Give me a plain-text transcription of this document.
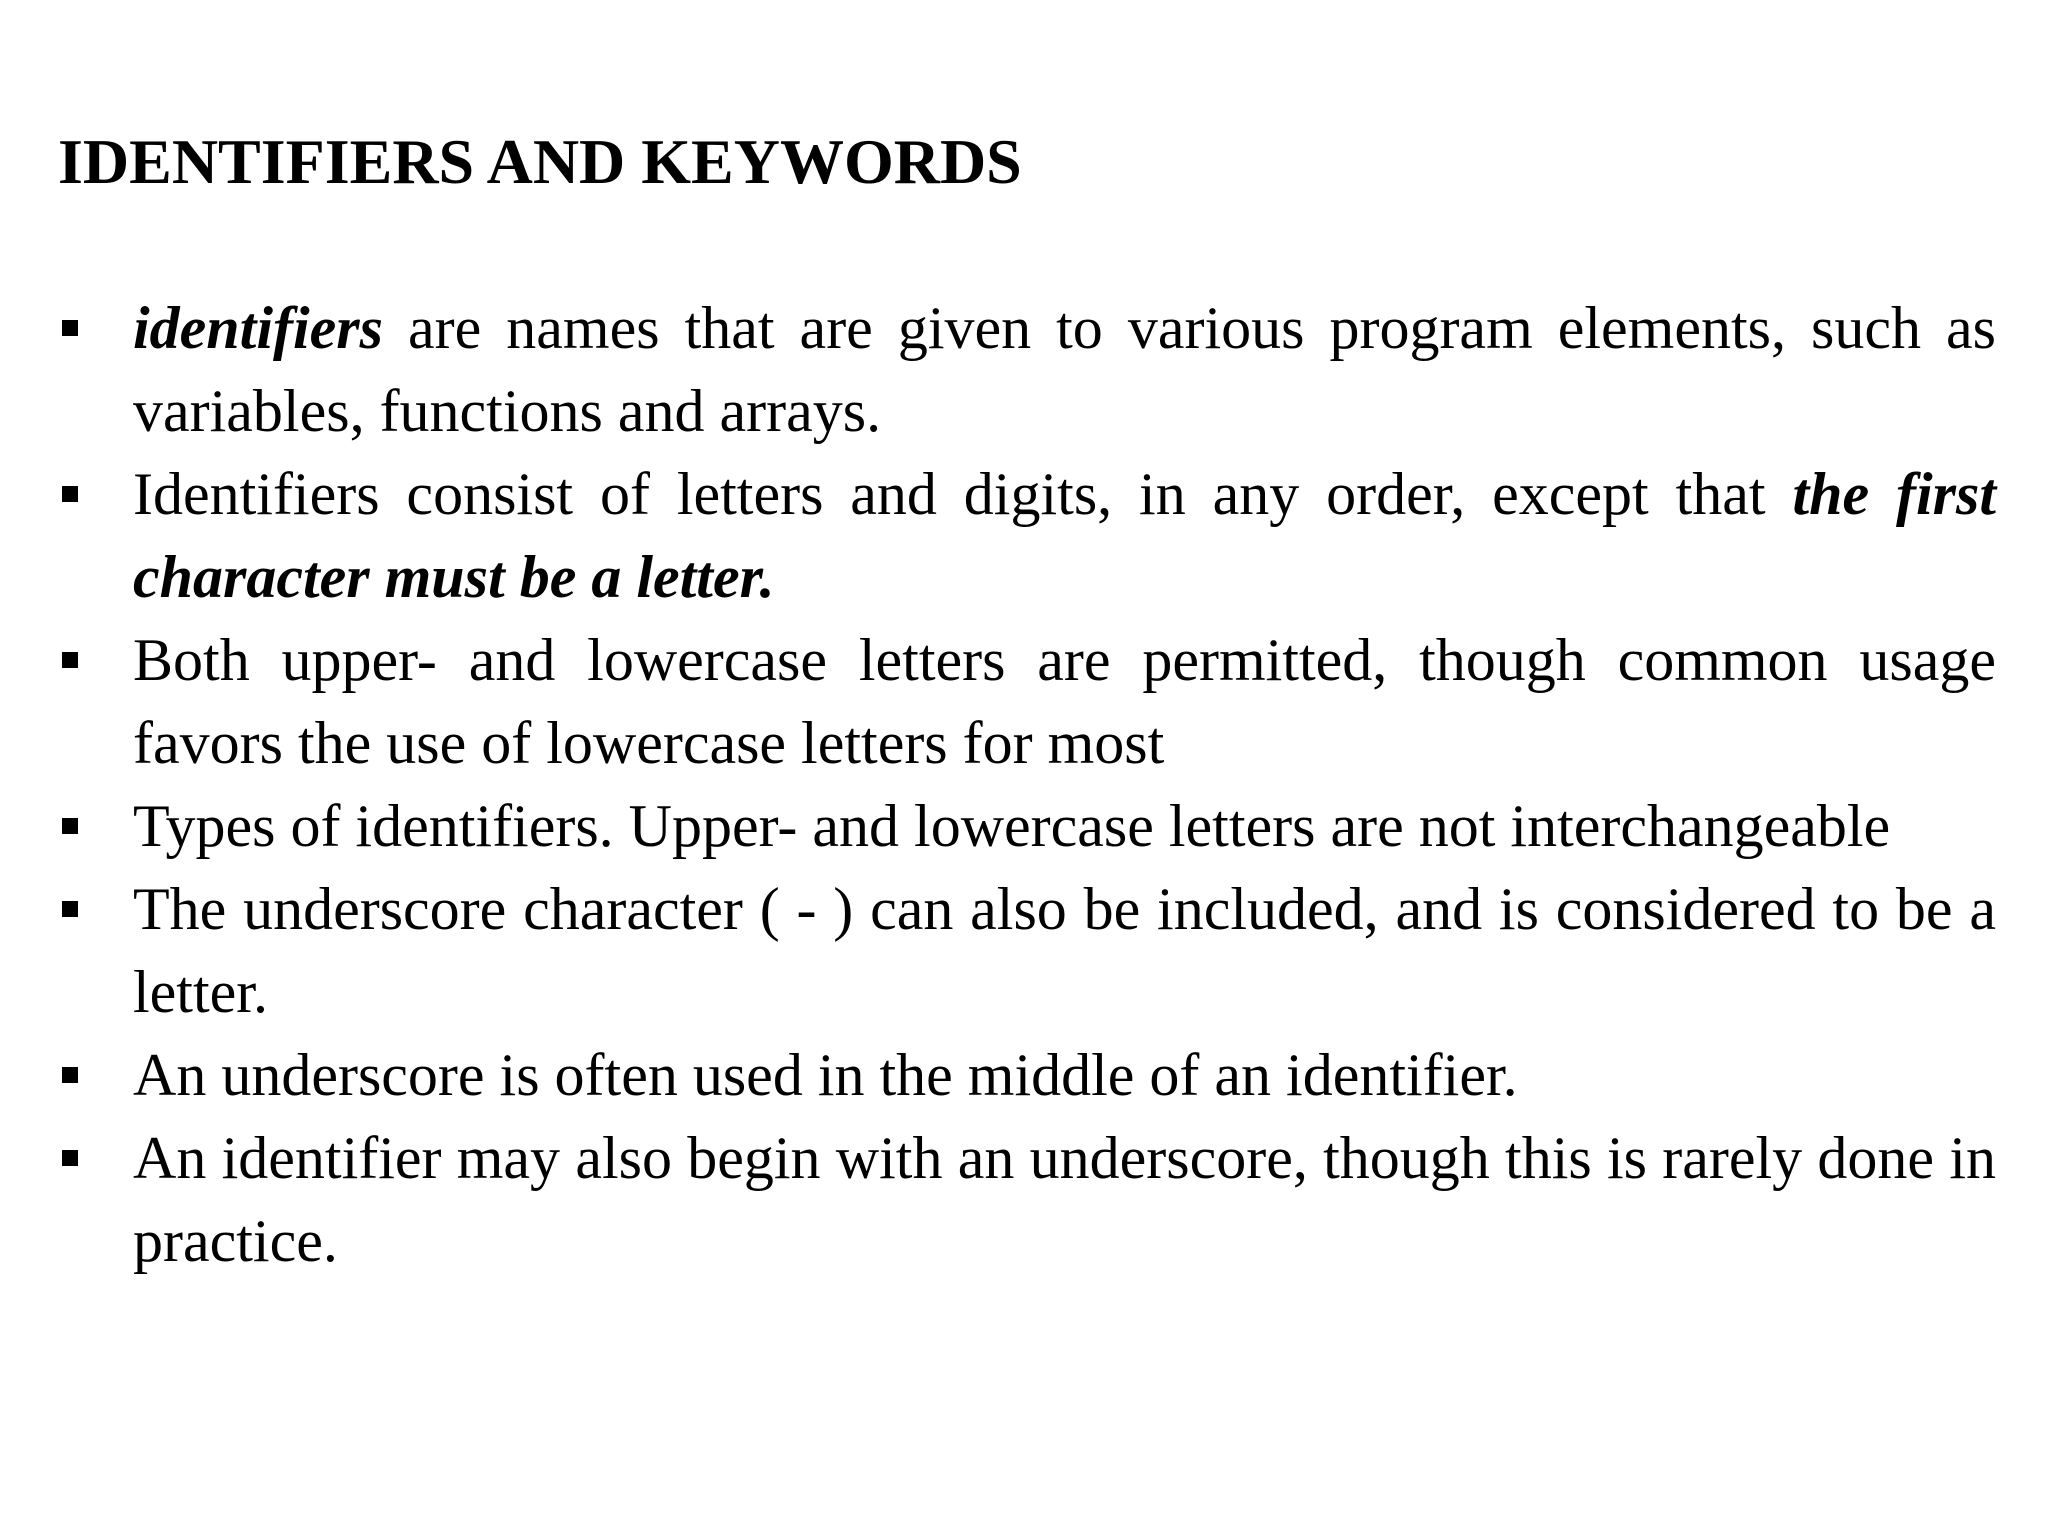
IDENTIFIERS AND KEYWORDS
identifiers are names that are given to various program elements, such as variables, functions and arrays.
Identifiers consist of letters and digits, in any order, except that the first character must be a letter.
Both upper- and lowercase letters are permitted, though common usage favors the use of lowercase letters for most
Types of identifiers. Upper- and lowercase letters are not interchangeable
The underscore character ( - ) can also be included, and is considered to be a letter.
An underscore is often used in the middle of an identifier.
An identifier may also begin with an underscore, though this is rarely done in practice.
